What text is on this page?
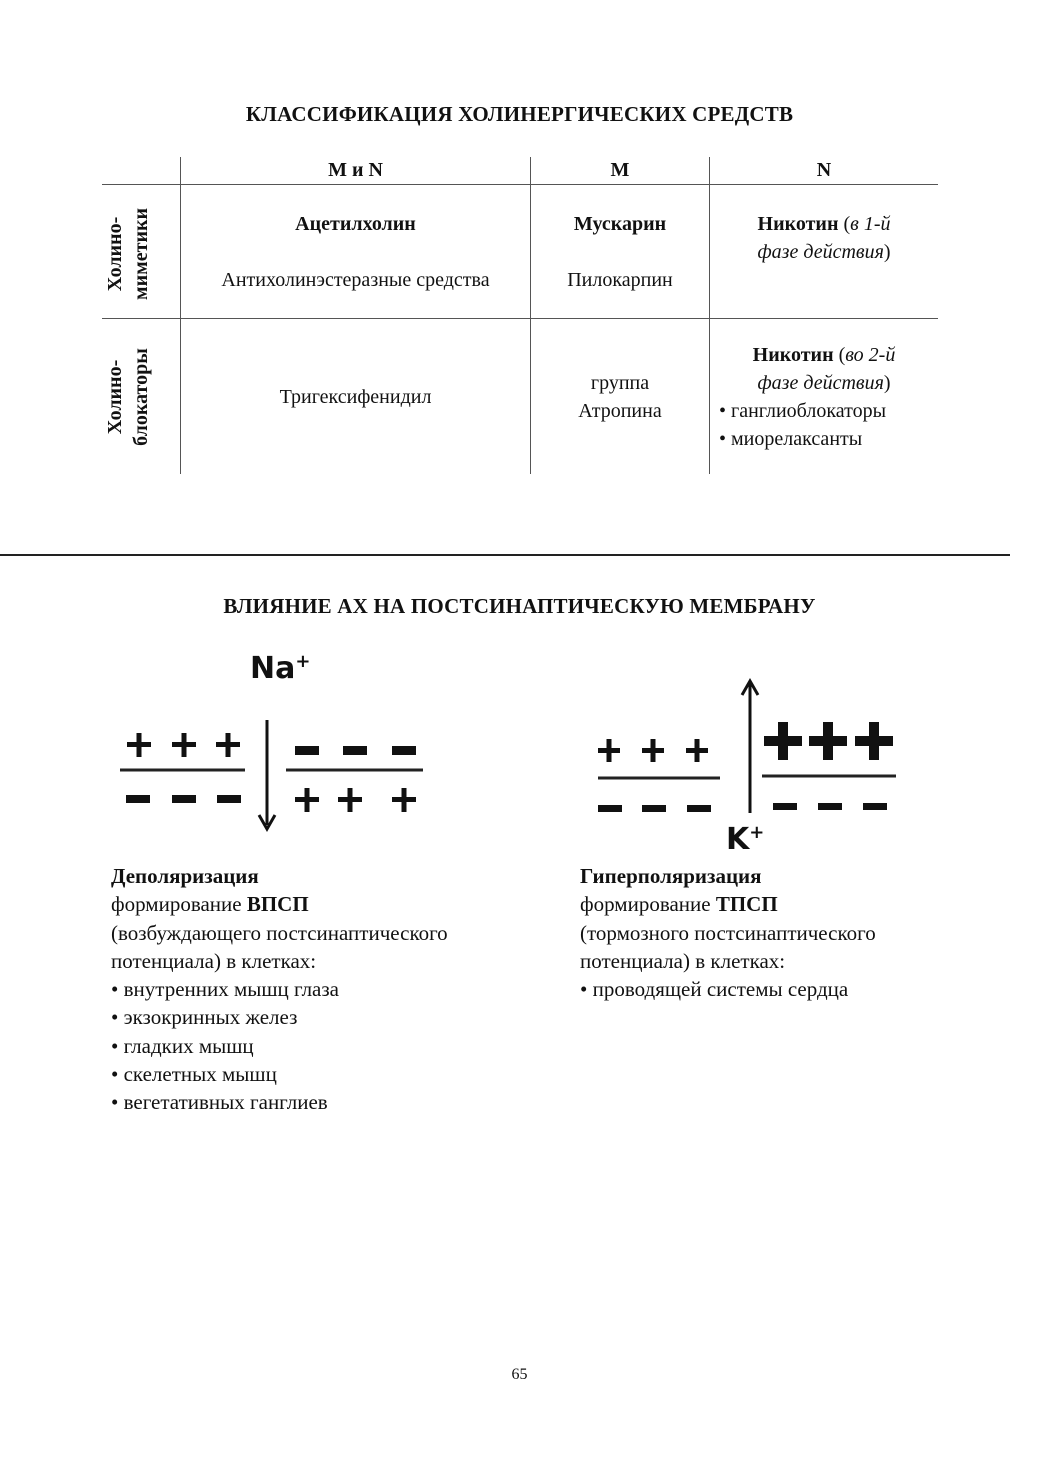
КЛАССИФИКАЦИЯ ХОЛИНЕРГИЧЕСКИХ СРЕДСТВ
M и N	M	N
Холино- миметики
Холино- блокаторы
Ацетилхолин
Антихолинэстеразные средства
Мускарин
Пилокарпин
Никотин (в 1-й
фазе действия)
Тригексифенидил
группа
Атропина
Никотин (во 2-й
фазе действия)
• ганглиоблокаторы
• миорелаксанты
ВЛИЯНИЕ АХ НА ПОСТСИНАПТИЧЕСКУЮ МЕМБРАНУ
Na+
K+
Деполяризация
формирование ВПСП
(возбуждающего постсинаптического
потенциала) в клетках:
• внутренних мышц глаза
• экзокринных желез
• гладких мышц
• скелетных мышц
• вегетативных ганглиев
Гиперполяризация
формирование ТПСП
(тормозного постсинаптического
потенциала) в клетках:
• проводящей системы сердца
65
